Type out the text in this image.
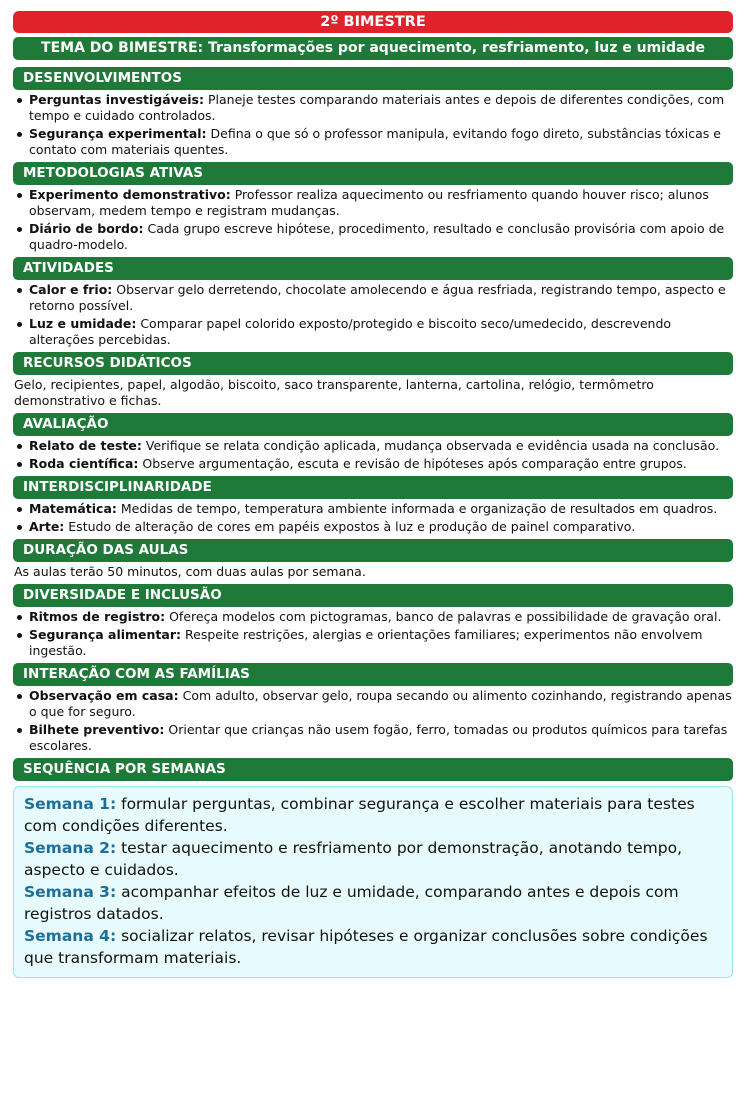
2º BIMESTRE
TEMA DO BIMESTRE: Transformações por aquecimento, resfriamento, luz e umidade
DESENVOLVIMENTOS
Perguntas investigáveis: Planeje testes comparando materiais antes e depois de diferentes condições, com tempo e cuidado controlados.
Segurança experimental: Defina o que só o professor manipula, evitando fogo direto, substâncias tóxicas e contato com materiais quentes.
METODOLOGIAS ATIVAS
Experimento demonstrativo: Professor realiza aquecimento ou resfriamento quando houver risco; alunos observam, medem tempo e registram mudanças.
Diário de bordo: Cada grupo escreve hipótese, procedimento, resultado e conclusão provisória com apoio de quadro-modelo.
ATIVIDADES
Calor e frio: Observar gelo derretendo, chocolate amolecendo e água resfriada, registrando tempo, aspecto e retorno possível.
Luz e umidade: Comparar papel colorido exposto/protegido e biscoito seco/umedecido, descrevendo alterações percebidas.
RECURSOS DIDÁTICOS

Gelo, recipientes, papel, algodão, biscoito, saco transparente, lanterna, cartolina, relógio, termômetro demonstrativo e fichas.

AVALIAÇÃO
Relato de teste: Verifique se relata condição aplicada, mudança observada e evidência usada na conclusão.
Roda científica: Observe argumentação, escuta e revisão de hipóteses após comparação entre grupos.
INTERDISCIPLINARIDADE
Matemática: Medidas de tempo, temperatura ambiente informada e organização de resultados em quadros.
Arte: Estudo de alteração de cores em papéis expostos à luz e produção de painel comparativo.
DURAÇÃO DAS AULAS

As aulas terão 50 minutos, com duas aulas por semana.

DIVERSIDADE E INCLUSÃO
Ritmos de registro: Ofereça modelos com pictogramas, banco de palavras e possibilidade de gravação oral.
Segurança alimentar: Respeite restrições, alergias e orientações familiares; experimentos não envolvem ingestão.
INTERAÇÃO COM AS FAMÍLIAS
Observação em casa: Com adulto, observar gelo, roupa secando ou alimento cozinhando, registrando apenas o que for seguro.
Bilhete preventivo: Orientar que crianças não usem fogão, ferro, tomadas ou produtos químicos para tarefas escolares.
SEQUÊNCIA POR SEMANAS

Semana 1: formular perguntas, combinar segurança e escolher materiais para testes com condições diferentes.

Semana 2: testar aquecimento e resfriamento por demonstração, anotando tempo, aspecto e cuidados.

Semana 3: acompanhar efeitos de luz e umidade, comparando antes e depois com registros datados.

Semana 4: socializar relatos, revisar hipóteses e organizar conclusões sobre condições que transformam materiais.
